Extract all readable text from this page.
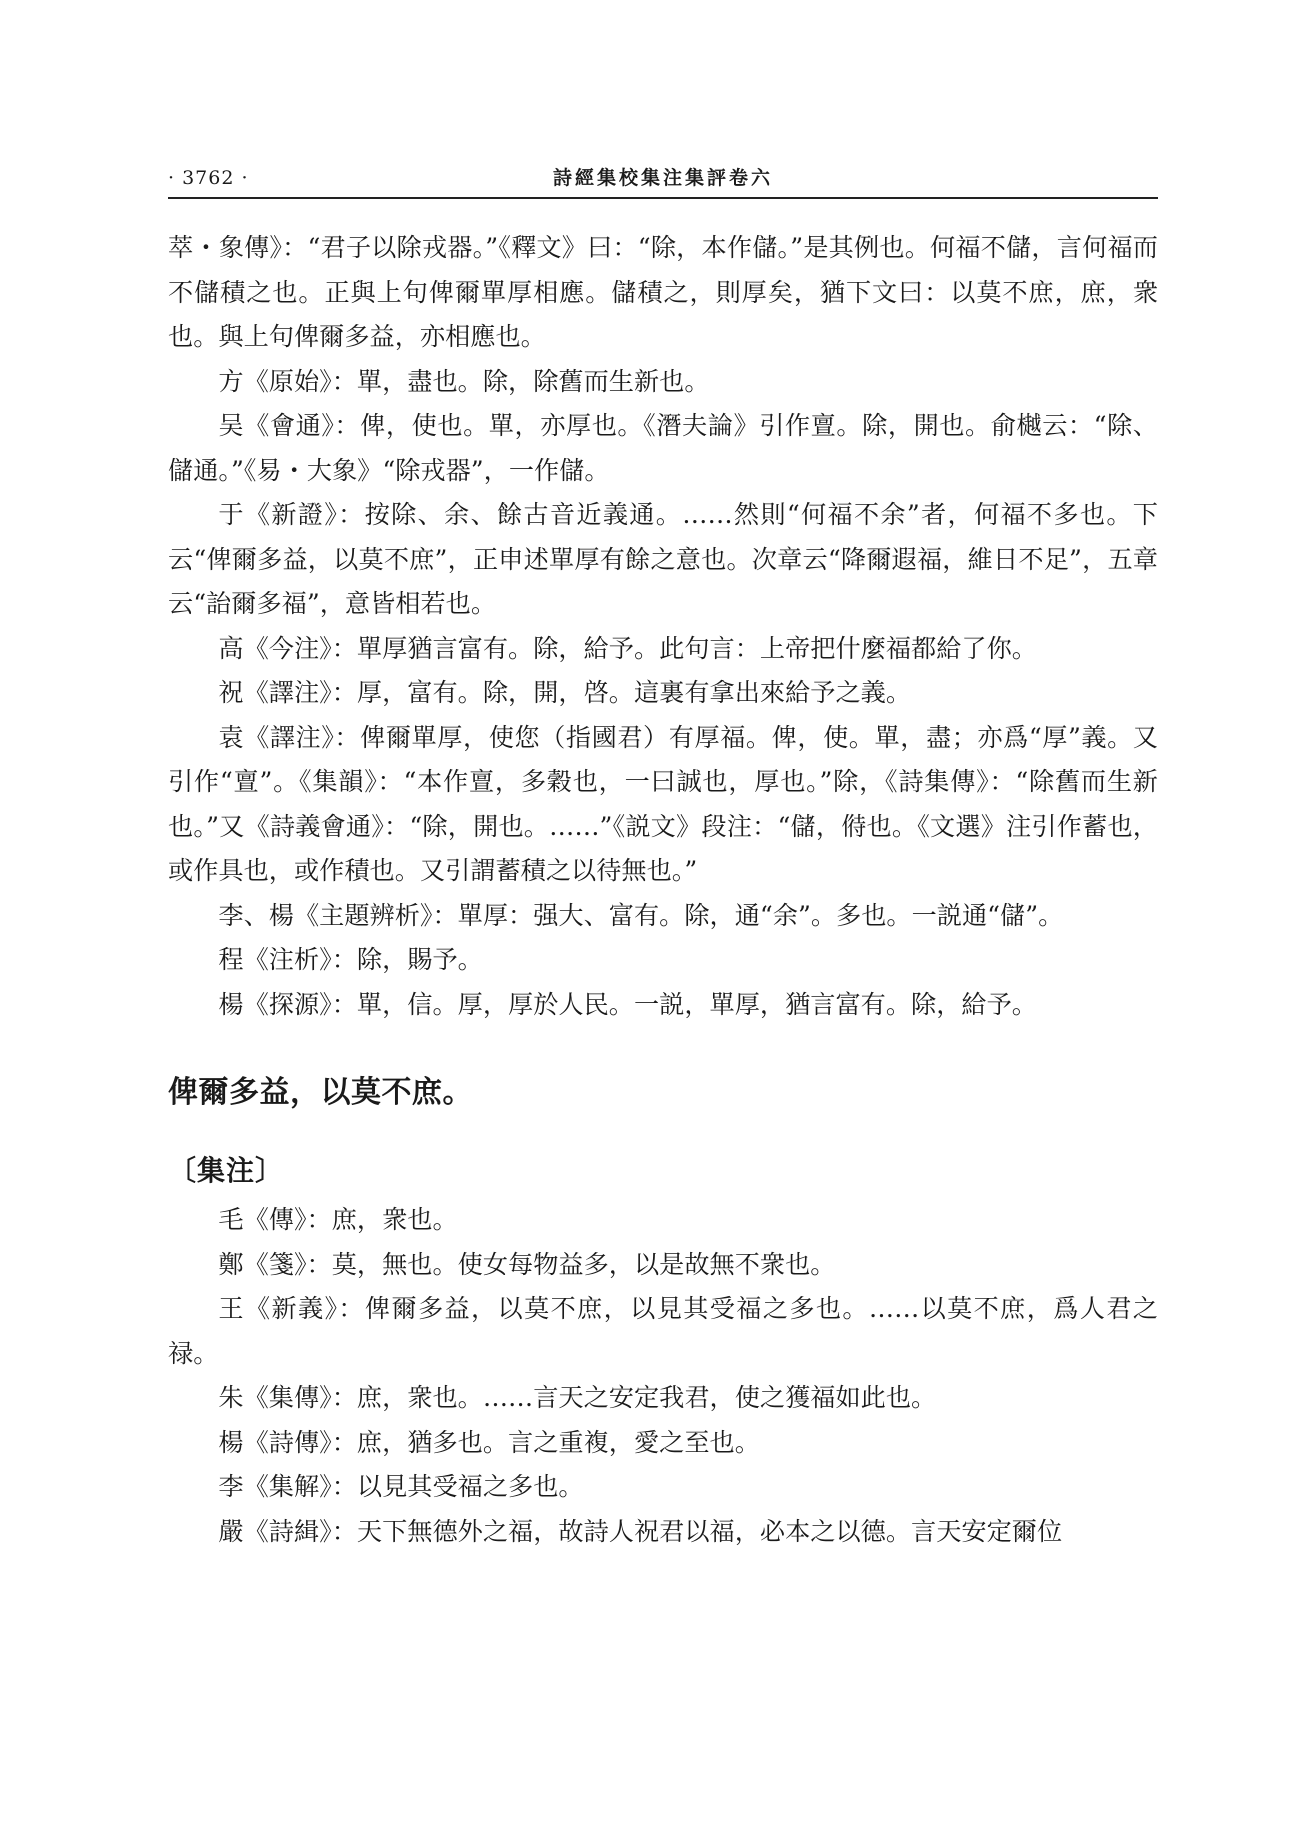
· 3762 ·	詩經集校集注集評卷六

萃・象傳》：“君子以除戎器。”《釋文》曰：“除，本作儲。”是其例也。何福不儲，言何福而不儲積之也。正與上句俾爾單厚相應。儲積之，則厚矣，猶下文曰：以莫不庶，庶，衆也。與上句俾爾多益，亦相應也。

方《原始》：單，盡也。除，除舊而生新也。

吴《會通》：俾，使也。單，亦厚也。《潛夫論》引作亶。除，開也。俞樾云：“除、儲通。”《易・大象》“除戎器”，一作儲。

于《新證》：按除、余、餘古音近義通。……然則“何福不余”者，何福不多也。下云“俾爾多益，以莫不庶”，正申述單厚有餘之意也。次章云“降爾遐福，維日不足”，五章云“詒爾多福”，意皆相若也。

高《今注》：單厚猶言富有。除，給予。此句言：上帝把什麼福都給了你。

祝《譯注》：厚，富有。除，開，啓。這裏有拿出來給予之義。

袁《譯注》：俾爾單厚，使您（指國君）有厚福。俾，使。單，盡；亦爲“厚”義。又引作“亶”。《集韻》：“本作亶，多穀也，一曰誠也，厚也。”除，《詩集傳》：“除舊而生新也。”又《詩義會通》：“除，開也。……”《説文》段注：“儲，偫也。《文選》注引作蓄也，或作具也，或作積也。又引謂蓄積之以待無也。”

李、楊《主題辨析》：單厚：强大、富有。除，通“余”。多也。一説通“儲”。

程《注析》：除，賜予。

楊《探源》：單，信。厚，厚於人民。一説，單厚，猶言富有。除，給予。

俾爾多益，以莫不庶。
〔集注〕

毛《傳》：庶，衆也。

鄭《箋》：莫，無也。使女每物益多，以是故無不衆也。

王《新義》：俾爾多益，以莫不庶，以見其受福之多也。……以莫不庶，爲人君之禄。

朱《集傳》：庶，衆也。……言天之安定我君，使之獲福如此也。

楊《詩傳》：庶，猶多也。言之重複，愛之至也。

李《集解》：以見其受福之多也。

嚴《詩緝》：天下無德外之福，故詩人祝君以福，必本之以德。言天安定爾位
